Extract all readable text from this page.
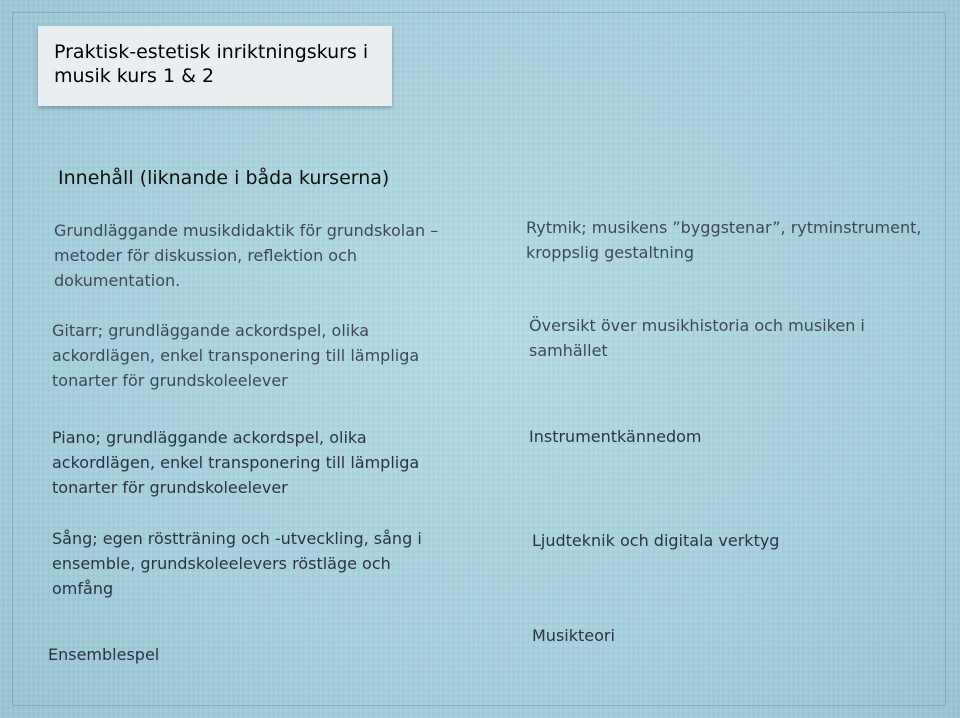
Praktisk-estetisk inriktningskurs i musik kurs 1 & 2
Innehåll (liknande i båda kurserna)

Grundläggande musikdidaktik för grundskolan – metoder för diskussion, reflektion och dokumentation.

Gitarr; grundläggande ackordspel, olika ackordlägen, enkel transponering till lämpliga tonarter för grundskoleelever

Piano; grundläggande ackordspel, olika ackordlägen, enkel transponering till lämpliga tonarter för grundskoleelever

Sång; egen röstträning och -utveckling, sång i ensemble, grundskoleelevers röstläge och omfång

Ensemblespel

Rytmik; musikens ”byggstenar”, rytminstrument, kroppslig gestaltning

Översikt över musikhistoria och musiken i samhället

Instrumentkännedom

Ljudteknik och digitala verktyg

Musikteori
